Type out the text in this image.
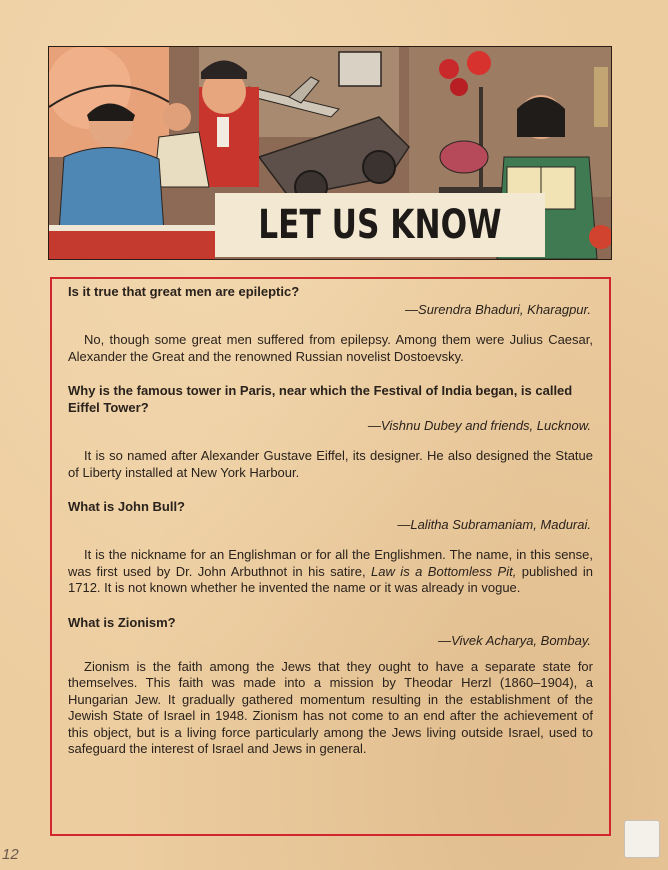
LET US KNOW

Is it true that great men are epileptic?

—Surendra Bhaduri, Kharagpur.

No, though some great men suffered from epilepsy. Among them were Julius Caesar, Alexander the Great and the renowned Russian novelist Dostoevsky.

Why is the famous tower in Paris, near which the Festival of India began, is called Eiffel Tower?

—Vishnu Dubey and friends, Lucknow.

It is so named after Alexander Gustave Eiffel, its designer. He also designed the Statue of Liberty installed at New York Harbour.

What is John Bull?

—Lalitha Subramaniam, Madurai.

It is the nickname for an Englishman or for all the Englishmen. The name, in this sense, was first used by Dr. John Arbuthnot in his satire, Law is a Bottomless Pit, published in 1712. It is not known whether he invented the name or it was already in vogue.

What is Zionism?

—Vivek Acharya, Bombay.

Zionism is the faith among the Jews that they ought to have a separate state for themselves. This faith was made into a mission by Theodar Herzl (1860–1904), a Hungarian Jew. It gradually gathered momentum resulting in the establishment of the Jewish State of Israel in 1948. Zionism has not come to an end after the achievement of this object, but is a living force particularly among the Jews living outside Israel, used to safeguard the interest of Israel and Jews in general.

12
